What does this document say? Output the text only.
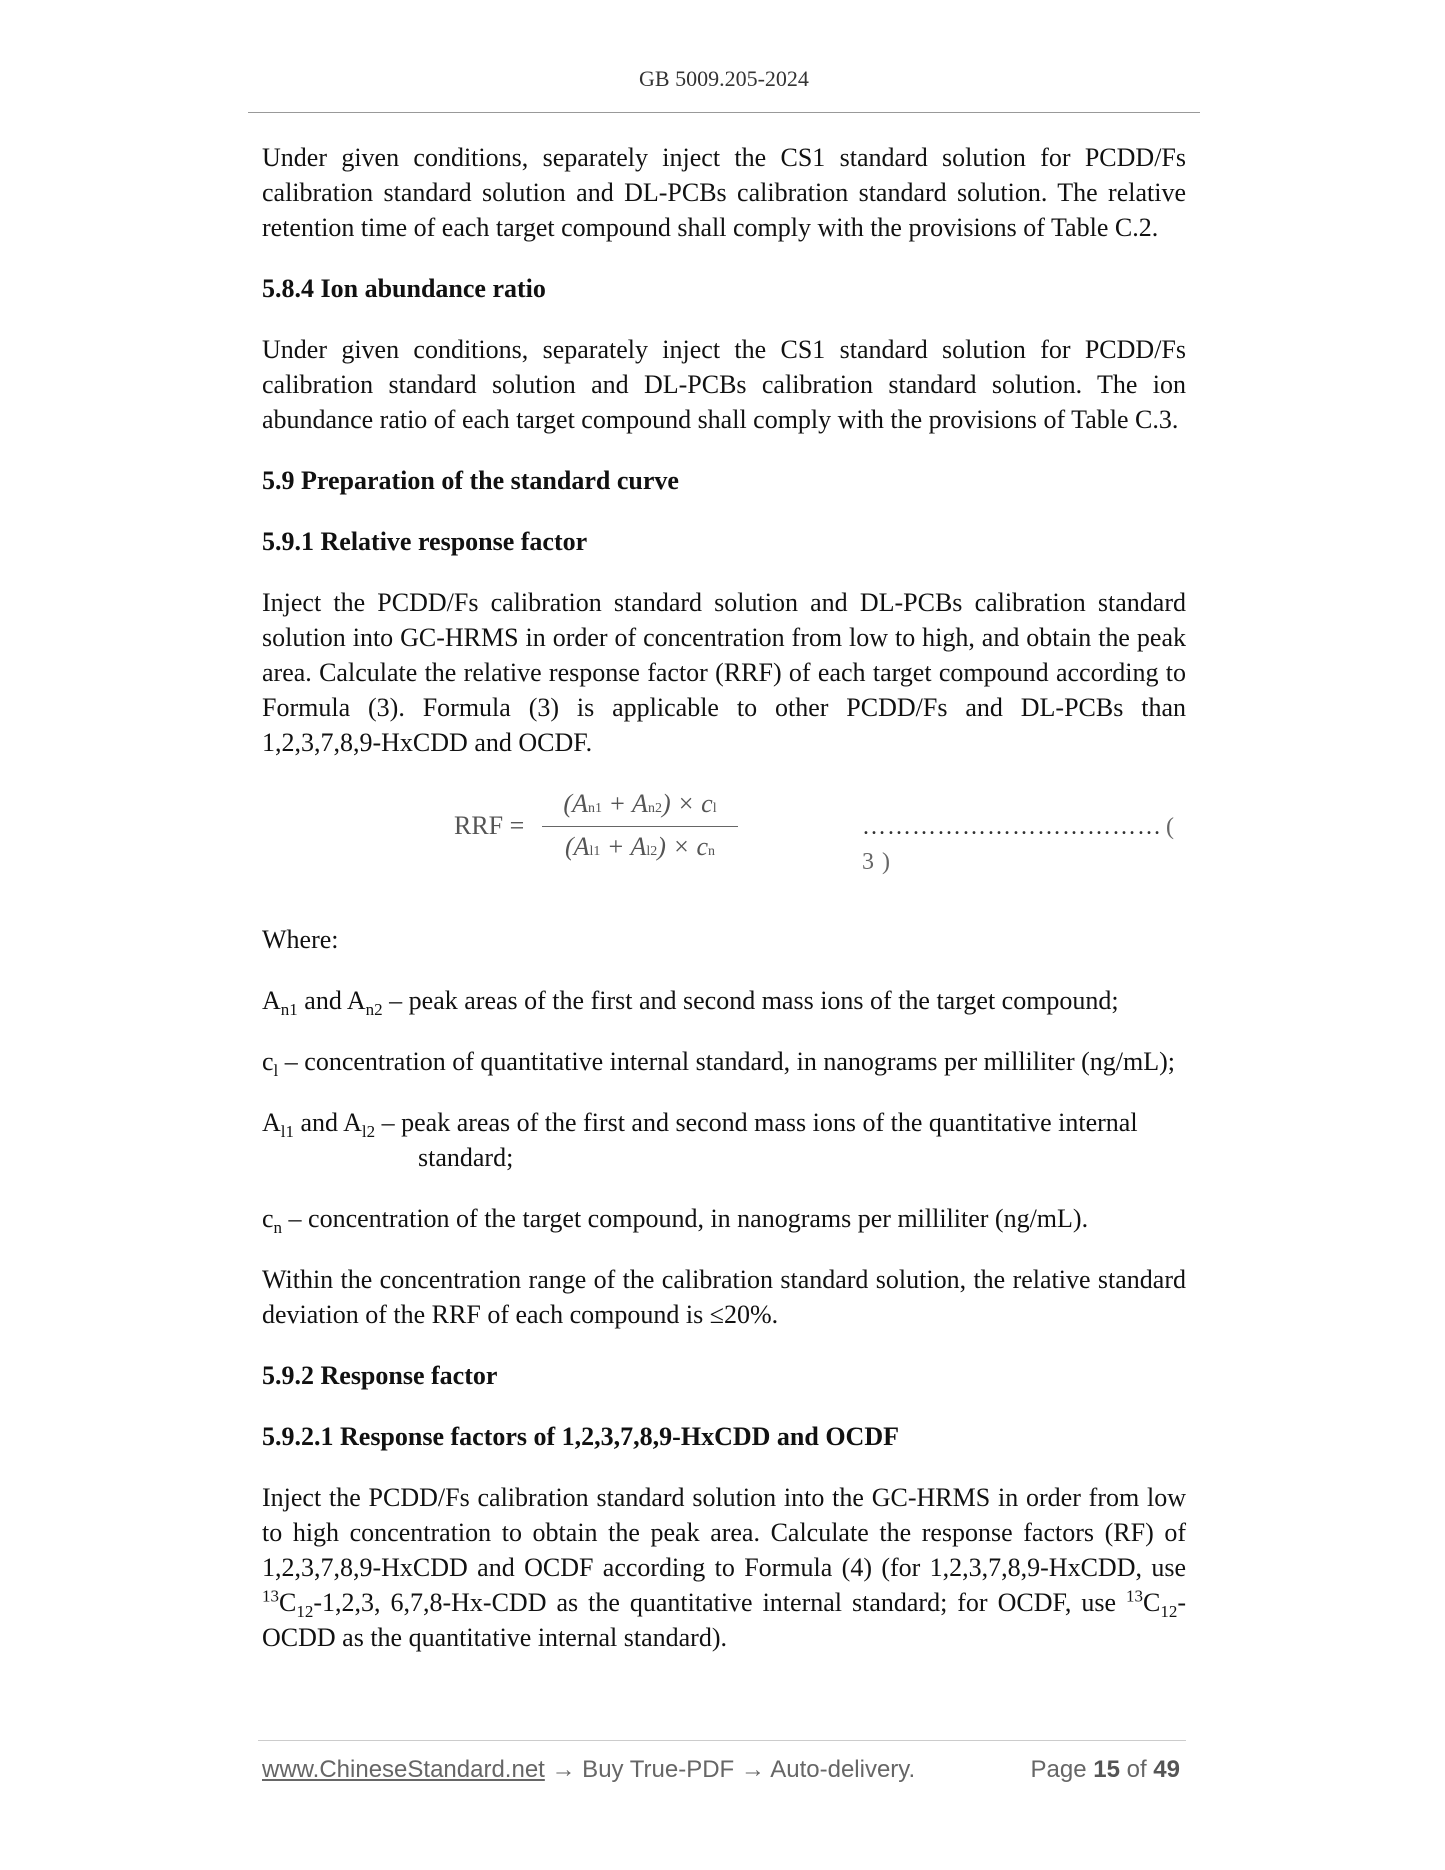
GB 5009.205-2024

Under given conditions, separately inject the CS1 standard solution for PCDD/Fs calibration standard solution and DL-PCBs calibration standard solution. The relative retention time of each target compound shall comply with the provisions of Table C.2.

5.8.4 Ion abundance ratio

Under given conditions, separately inject the CS1 standard solution for PCDD/Fs calibration standard solution and DL-PCBs calibration standard solution. The ion abundance ratio of each target compound shall comply with the provisions of Table C.3.

5.9 Preparation of the standard curve
5.9.1 Relative response factor

Inject the PCDD/Fs calibration standard solution and DL-PCBs calibration standard solution into GC-HRMS in order of concentration from low to high, and obtain the peak area. Calculate the relative response factor (RRF) of each target compound according to Formula (3). Formula (3) is applicable to other PCDD/Fs and DL-PCBs than 1,2,3,7,8,9-HxCDD and OCDF.

RRF =
(An1 + An2) × cl
(Al1 + Al2) × cn
……………………………… ( 3 )

Where:

$A_{n1}$ and $A_{n2}$ – peak areas of the first and second mass ions of the target compound;
$c_l$ – concentration of quantitative internal standard, in nanograms per milliliter (ng/mL);
$A_{l1}$ and $A_{l2}$ – peak areas of the first and second mass ions of the quantitative internal
standard;
$c_n$ – concentration of the target compound, in nanograms per milliliter (ng/mL).

Within the concentration range of the calibration standard solution, the relative standard deviation of the RRF of each compound is ≤20%.

5.9.2 Response factor
5.9.2.1 Response factors of 1,2,3,7,8,9-HxCDD and OCDF

Inject the PCDD/Fs calibration standard solution into the GC-HRMS in order from low to high concentration to obtain the peak area. Calculate the response factors (RF) of 1,2,3,7,8,9-HxCDD and OCDF according to Formula (4) (for 1,2,3,7,8,9-HxCDD, use $^{13}C_{12}-1,2,3$, 6,7,8-Hx-CDD as the quantitative internal standard; for OCDF, use $^{13}C_{12}$-OCDD as the quantitative internal standard).

www.ChineseStandard.net → Buy True-PDF → Auto-delivery.	Page 15 of 49
